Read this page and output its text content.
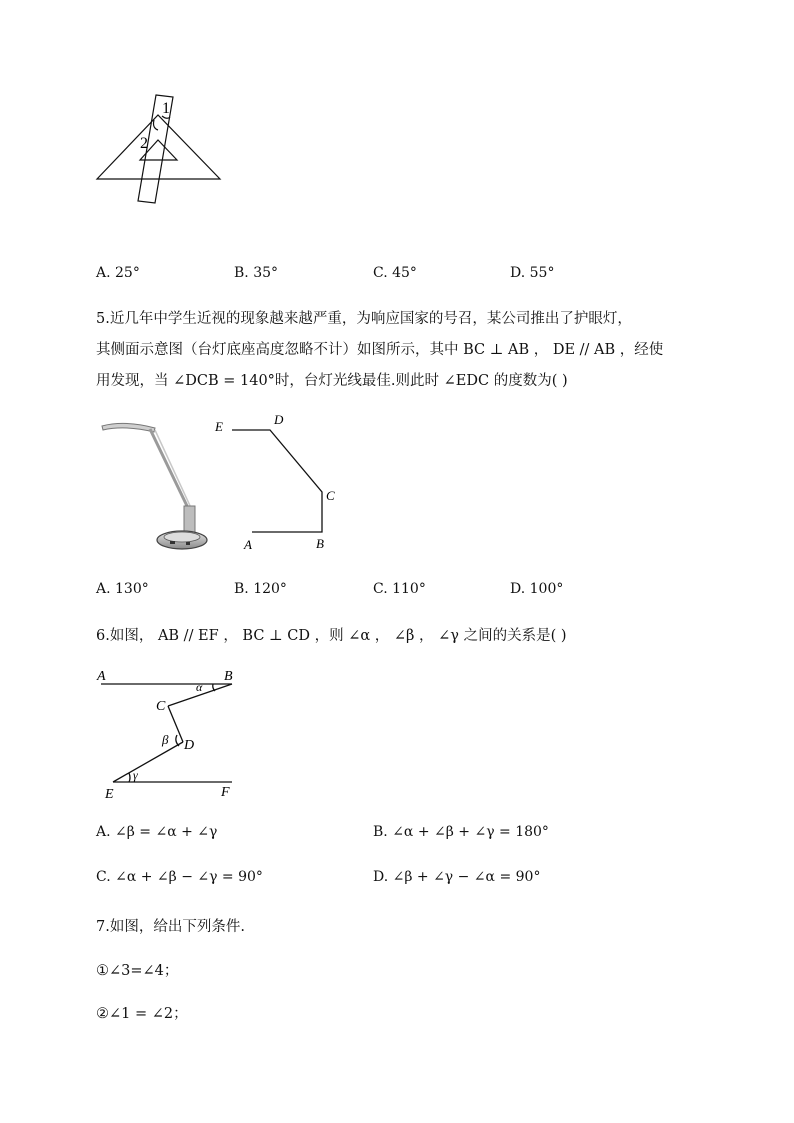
1
2
A. 25°	B. 35°	C. 45°	D. 55°
5.近几年中学生近视的现象越来越严重，为响应国家的号召，某公司推出了护眼灯，
其侧面示意图（台灯底座高度忽略不计）如图所示，其中 BC ⊥ AB ， DE // AB ，经使
用发现，当 ∠DCB = 140°时，台灯光线最佳.则此时 ∠EDC 的度数为( )
E	D
C
A	B
A. 130°	B. 120°	C. 110°	D. 100°
6.如图， AB // EF ， BC ⊥ CD ，则 ∠α ， ∠β ， ∠γ 之间的关系是( )
A	B
α
C
β D
γ
E	F
A. ∠β = ∠α + ∠γ	B. ∠α + ∠β + ∠γ = 180°
C. ∠α + ∠β − ∠γ = 90°	D. ∠β + ∠γ − ∠α = 90°
7.如图，给出下列条件.
①∠3=∠4；
②∠1 = ∠2；
